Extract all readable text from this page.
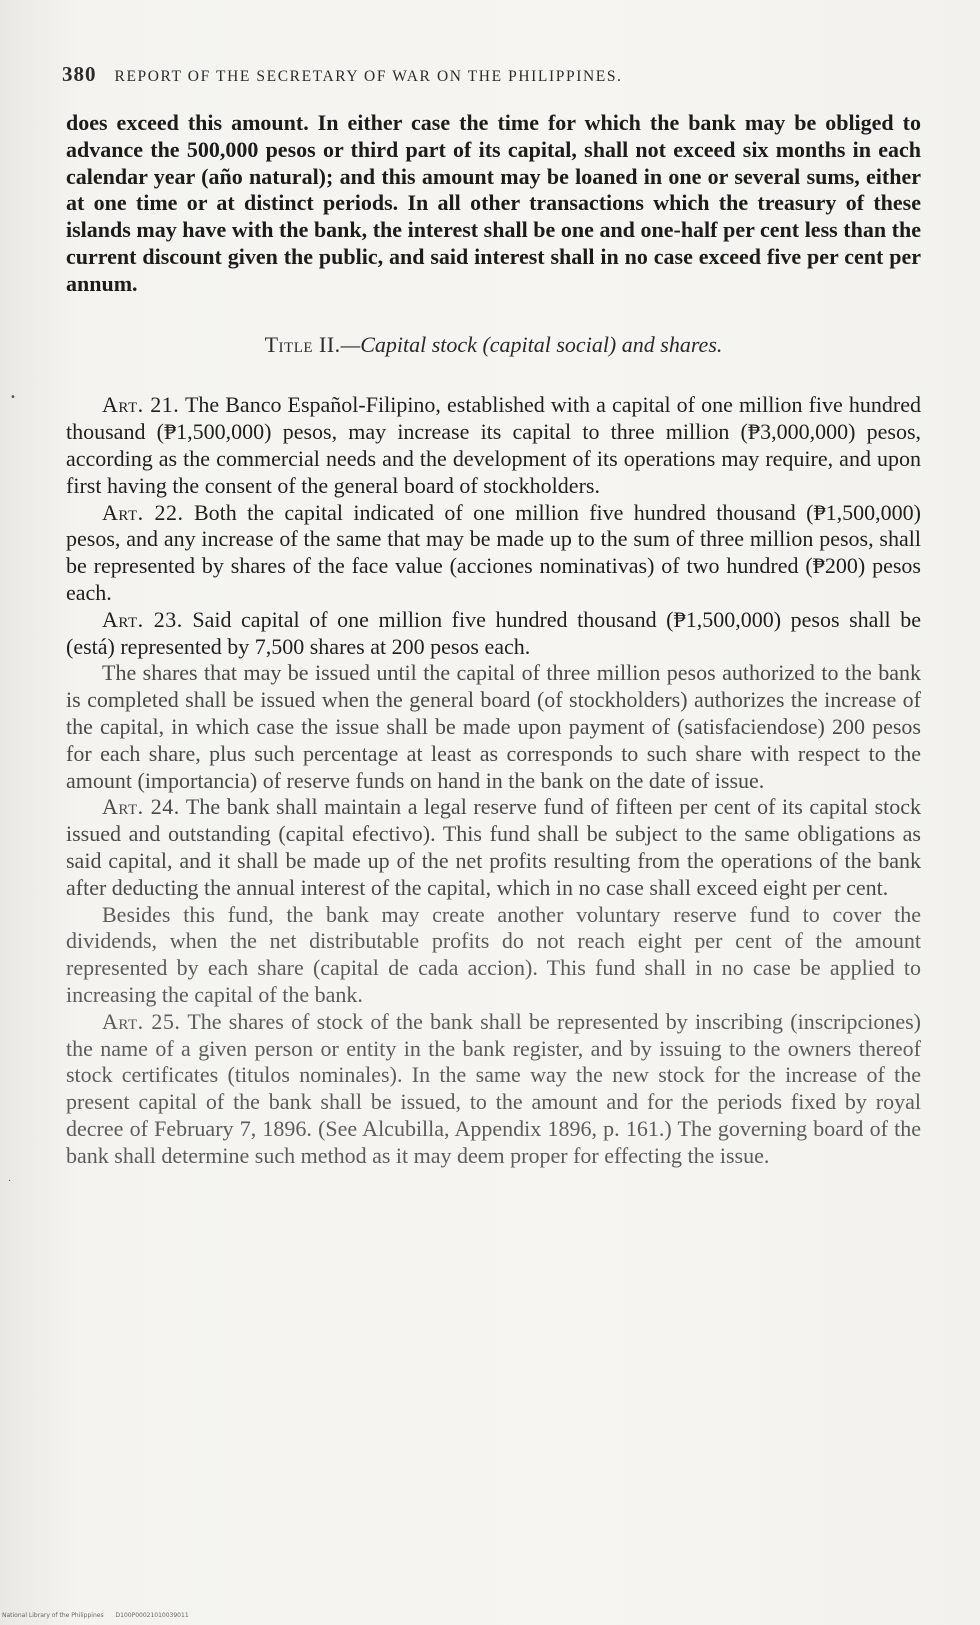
380 REPORT OF THE SECRETARY OF WAR ON THE PHILIPPINES.
•
·

does exceed this amount. In either case the time for which the bank may be obliged to advance the 500,000 pesos or third part of its capital, shall not exceed six months in each calendar year (año natural); and this amount may be loaned in one or several sums, either at one time or at distinct periods. In all other transactions which the treasury of these islands may have with the bank, the interest shall be one and one-half per cent less than the current discount given the public, and said interest shall in no case exceed five per cent per annum.

Title II.—Capital stock (capital social) and shares.

Art. 21. The Banco Español-Filipino, established with a capital of one million five hundred thousand (₱1,500,000) pesos, may increase its capital to three million (₱3,000,000) pesos, according as the commercial needs and the development of its operations may require, and upon first having the consent of the general board of stockholders.

Art. 22. Both the capital indicated of one million five hundred thousand (₱1,500,000) pesos, and any increase of the same that may be made up to the sum of three million pesos, shall be represented by shares of the face value (acciones nominativas) of two hundred (₱200) pesos each.

Art. 23. Said capital of one million five hundred thousand (₱1,500,000) pesos shall be (está) represented by 7,500 shares at 200 pesos each.

The shares that may be issued until the capital of three million pesos authorized to the bank is completed shall be issued when the general board (of stockholders) authorizes the increase of the capital, in which case the issue shall be made upon payment of (satisfaciendose) 200 pesos for each share, plus such percentage at least as corresponds to such share with respect to the amount (importancia) of reserve funds on hand in the bank on the date of issue.

Art. 24. The bank shall maintain a legal reserve fund of fifteen per cent of its capital stock issued and outstanding (capital efectivo). This fund shall be subject to the same obligations as said capital, and it shall be made up of the net profits resulting from the operations of the bank after deducting the annual interest of the capital, which in no case shall exceed eight per cent.

Besides this fund, the bank may create another voluntary reserve fund to cover the dividends, when the net distributable profits do not reach eight per cent of the amount represented by each share (capital de cada accion). This fund shall in no case be applied to increasing the capital of the bank.

Art. 25. The shares of stock of the bank shall be represented by inscribing (inscripciones) the name of a given person or entity in the bank register, and by issuing to the owners thereof stock certificates (titulos nominales). In the same way the new stock for the increase of the present capital of the bank shall be issued, to the amount and for the periods fixed by royal decree of February 7, 1896. (See Alcubilla, Appendix 1896, p. 161.) The governing board of the bank shall determine such method as it may deem proper for effecting the issue.

National Library of the Philippines D100P00021010039011
